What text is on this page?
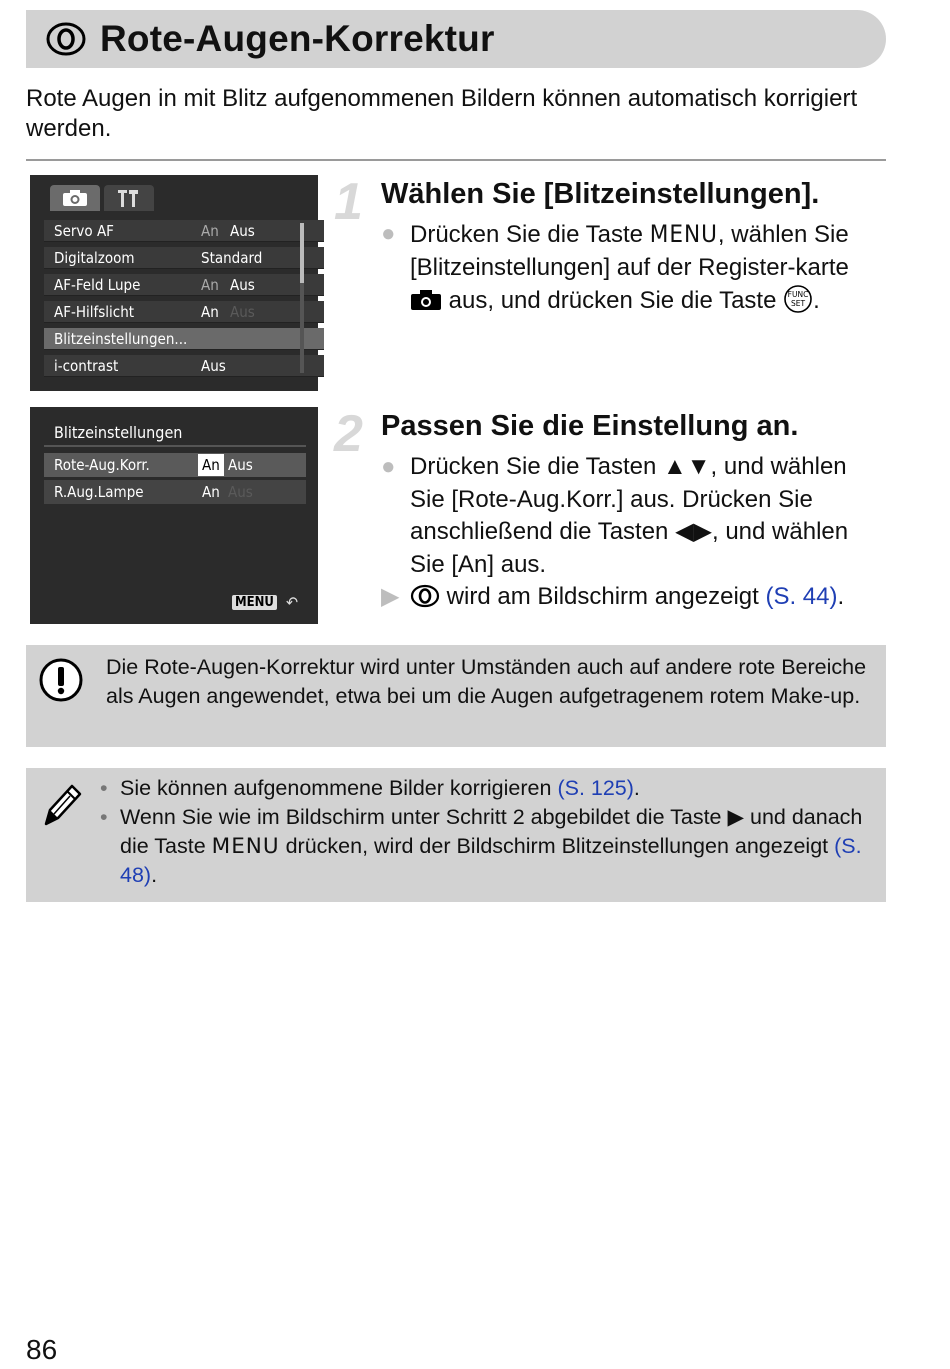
Rote-Augen-Korrektur
Rote Augen in mit Blitz aufgenommenen Bildern können automatisch korrigiert werden.
Servo AF	An Aus
Digitalzoom	Standard
AF-Feld Lupe	An Aus
AF-Hilfslicht	An Aus
Blitzeinstellungen...
i-contrast	Aus
Blitzeinstellungen
Rote-Aug.Korr.	An Aus
R.Aug.Lampe	An Aus
MENU ↶
1 Wählen Sie [Blitzeinstellungen].
● Drücken Sie die Taste MENU, wählen Sie [Blitzeinstellungen] auf der Register-karte  aus, und drücken Sie die Taste FUNC
SET .
2 Passen Sie die Einstellung an.
● Drücken Sie die Tasten ▲▼, und wählen Sie [Rote-Aug.Korr.] aus. Drücken Sie anschließend die Tasten ◀▶, und wählen Sie [An] aus.
▶	wird am Bildschirm angezeigt (S. 44).
Die Rote-Augen-Korrektur wird unter Umständen auch auf andere rote Bereiche als Augen angewendet, etwa bei um die Augen aufgetragenem rotem Make-up.
• Sie können aufgenommene Bilder korrigieren (S. 125).
• Wenn Sie wie im Bildschirm unter Schritt 2 abgebildet die Taste ▶ und danach die Taste MENU drücken, wird der Bildschirm Blitzeinstellungen angezeigt (S. 48).
86
